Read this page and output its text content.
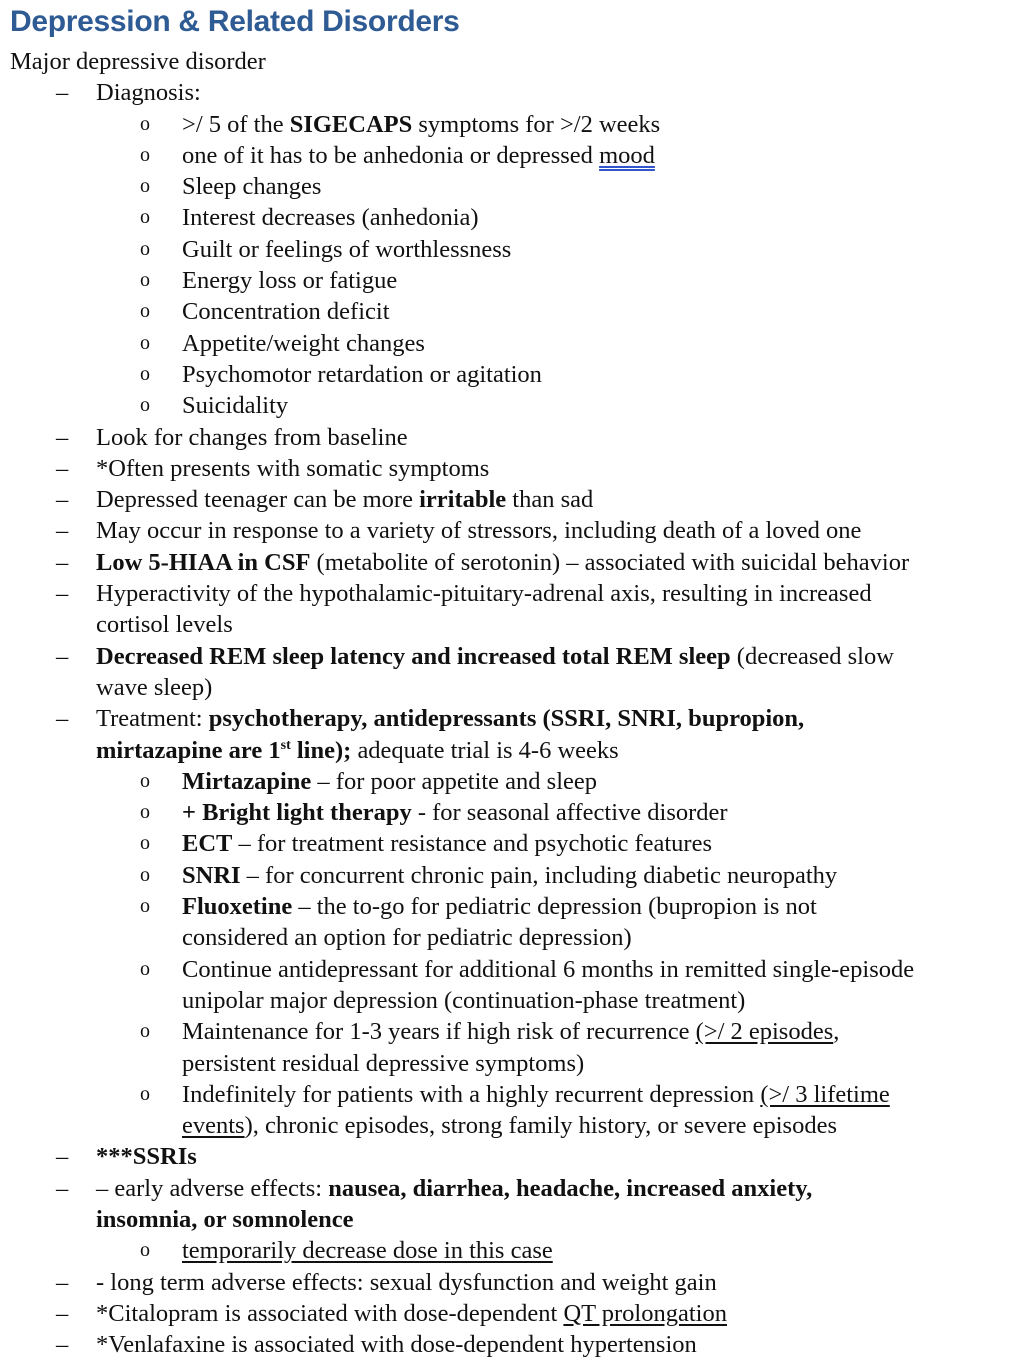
Depression & Related Disorders
Major depressive disorder
– Diagnosis:
o >/ 5 of the SIGECAPS symptoms for >/2 weeks
o one of it has to be anhedonia or depressed mood
o Sleep changes
o Interest decreases (anhedonia)
o Guilt or feelings of worthlessness
o Energy loss or fatigue
o Concentration deficit
o Appetite/weight changes
o Psychomotor retardation or agitation
o Suicidality
– Look for changes from baseline
– *Often presents with somatic symptoms
– Depressed teenager can be more irritable than sad
– May occur in response to a variety of stressors, including death of a loved one
– Low 5-HIAA in CSF (metabolite of serotonin) – associated with suicidal behavior
– Hyperactivity of the hypothalamic-pituitary-adrenal axis, resulting in increased
cortisol levels
– Decreased REM sleep latency and increased total REM sleep (decreased slow
wave sleep)
– Treatment: psychotherapy, antidepressants (SSRI, SNRI, bupropion,
mirtazapine are 1st line); adequate trial is 4-6 weeks
o Mirtazapine – for poor appetite and sleep
o + Bright light therapy - for seasonal affective disorder
o ECT – for treatment resistance and psychotic features
o SNRI – for concurrent chronic pain, including diabetic neuropathy
o Fluoxetine – the to-go for pediatric depression (bupropion is not
considered an option for pediatric depression)
o Continue antidepressant for additional 6 months in remitted single-episode
unipolar major depression (continuation-phase treatment)
o Maintenance for 1-3 years if high risk of recurrence (>/ 2 episodes,
persistent residual depressive symptoms)
o Indefinitely for patients with a highly recurrent depression (>/ 3 lifetime
events), chronic episodes, strong family history, or severe episodes
– ***SSRIs
– – early adverse effects: nausea, diarrhea, headache, increased anxiety,
insomnia, or somnolence
o temporarily decrease dose in this case
– - long term adverse effects: sexual dysfunction and weight gain
– *Citalopram is associated with dose-dependent QT prolongation
– *Venlafaxine is associated with dose-dependent hypertension
